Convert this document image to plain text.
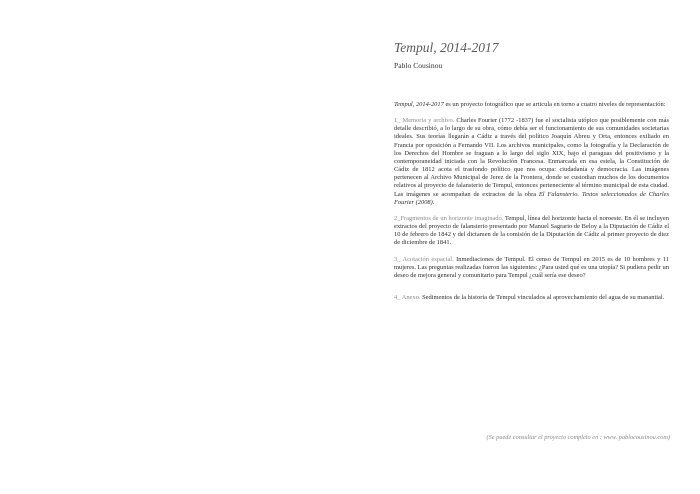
Tempul, 2014-2017
Pablo Cousinou

Tempul, 2014-2017 es un proyecto fotográfico que se articula en torno a cuatro niveles de representación:

1_ Memoria y archivo. Charles Fourier (1772 -1837) fue el socialista utópico que posiblemente con más detalle describió, a lo largo de su obra, cómo debía ser el funcionamiento de sus comunidades societarias ideales. Sus teorías llegarán a Cádiz a través del político Joaquín Abreu y Orta, entonces exiliado en Francia por oposición a Fernando VII. Los archivos municipales, como la fotografía y la Declaración de los Derechos del Hombre se fraguan a lo largo del siglo XIX, bajo el paraguas del positivismo y la contemporaneidad iniciada con la Revolución Francesa. Enmarcada en esa estela, la Constitución de Cádiz de 1812 acota el trasfondo político que nos ocupa: ciudadanía y democracia. Las imágenes pertenecen al Archivo Municipal de Jerez de la Frontera, donde se custodian muchos de los documentos relativos al proyecto de falansterio de Tempul, entonces perteneciente al término municipal de esta ciudad. Las imágenes se acompañan de extractos de la obra El Falansterio. Textos seleccionados de Charles Fourier (2008).

2_Fragmentos de un horizonte imaginado. Tempul, línea del horizonte hacia el noroeste. En él se incluyen extractos del proyecto de falansterio presentado por Manuel Sagrario de Beloy a la Diputación de Cádiz el 10 de febrero de 1842 y del dictamen de la comisión de la Diputación de Cádiz al primer proyecto de diez de diciembre de 1841.

3_ Acotación espacial. Inmediaciones de Tempul. El censo de Tempul en 2015 es de 10 hombres y 11 mujeres. Las preguntas realizadas fueron las siguientes: ¿Para usted qué es una utopía? Si pudiera pedir un deseo de mejora general y comunitario para Tempul ¿cuál sería ese deseo?

4_ Anexo. Sedimentos de la historia de Tempul vinculados al aprovechamiento del agua de su manantial.

(Se puede consultar el proyecto completo en : www. pablocousinou.com)
